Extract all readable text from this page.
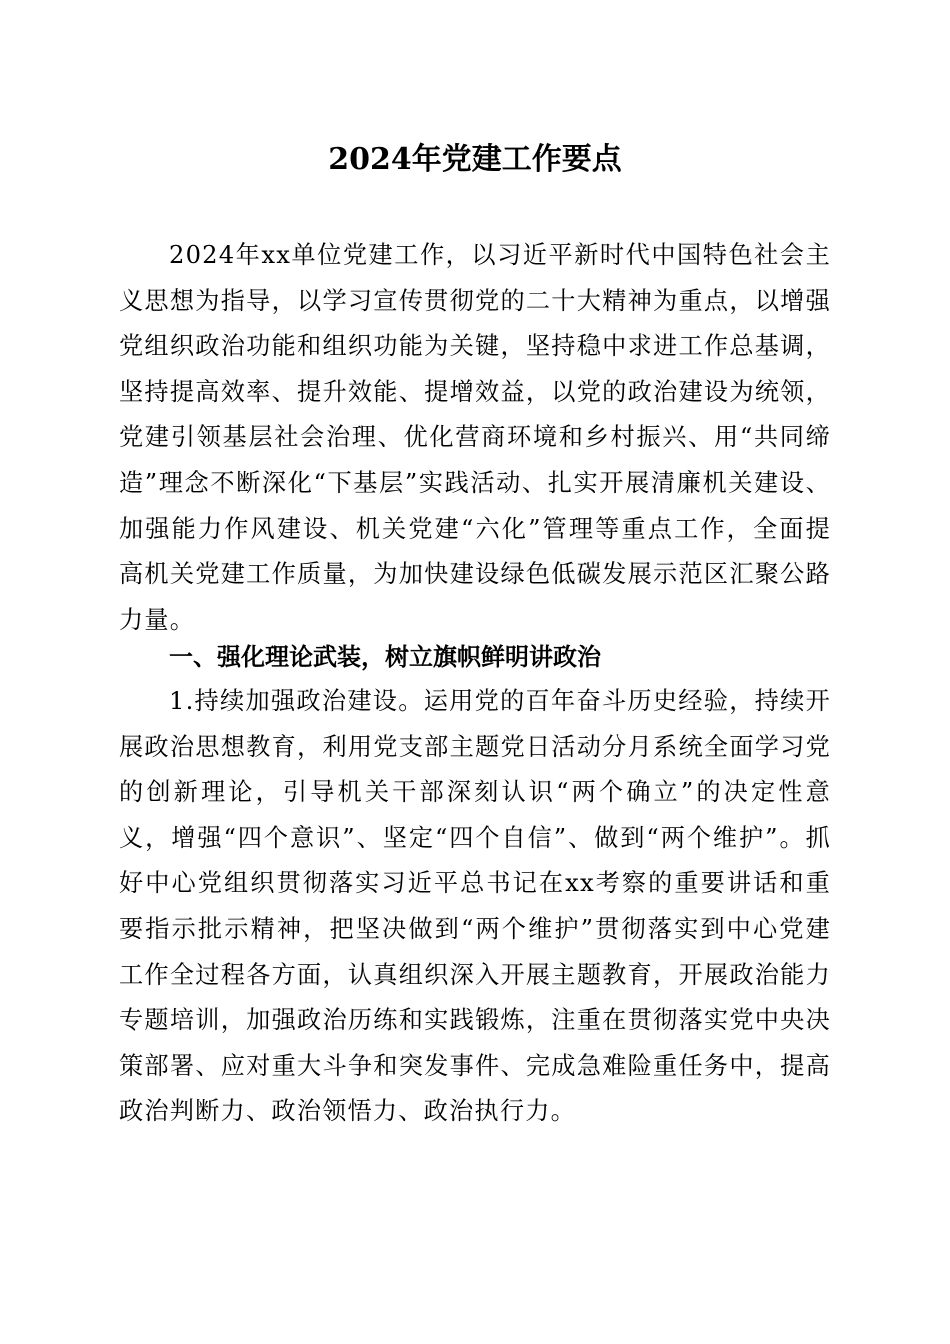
2024年党建工作要点

2024年xx单位党建工作，以习近平新时代中国特色社会主义思想为指导，以学习宣传贯彻党的二十大精神为重点，以增强党组织政治功能和组织功能为关键，坚持稳中求进工作总基调，坚持提高效率、提升效能、提增效益，以党的政治建设为统领，党建引领基层社会治理、优化营商环境和乡村振兴、用“共同缔造”理念不断深化“下基层”实践活动、扎实开展清廉机关建设、加强能力作风建设、机关党建“六化”管理等重点工作，全面提高机关党建工作质量，为加快建设绿色低碳发展示范区汇聚公路力量。

一、强化理论武装，树立旗帜鲜明讲政治

1.持续加强政治建设。运用党的百年奋斗历史经验，持续开展政治思想教育，利用党支部主题党日活动分月系统全面学习党的创新理论，引导机关干部深刻认识“两个确立”的决定性意义，增强“四个意识”、坚定“四个自信”、做到“两个维护”。抓好中心党组织贯彻落实习近平总书记在xx考察的重要讲话和重要指示批示精神，把坚决做到“两个维护”贯彻落实到中心党建工作全过程各方面，认真组织深入开展主题教育，开展政治能力专题培训，加强政治历练和实践锻炼，注重在贯彻落实党中央决策部署、应对重大斗争和突发事件、完成急难险重任务中，提高政治判断力、政治领悟力、政治执行力。
